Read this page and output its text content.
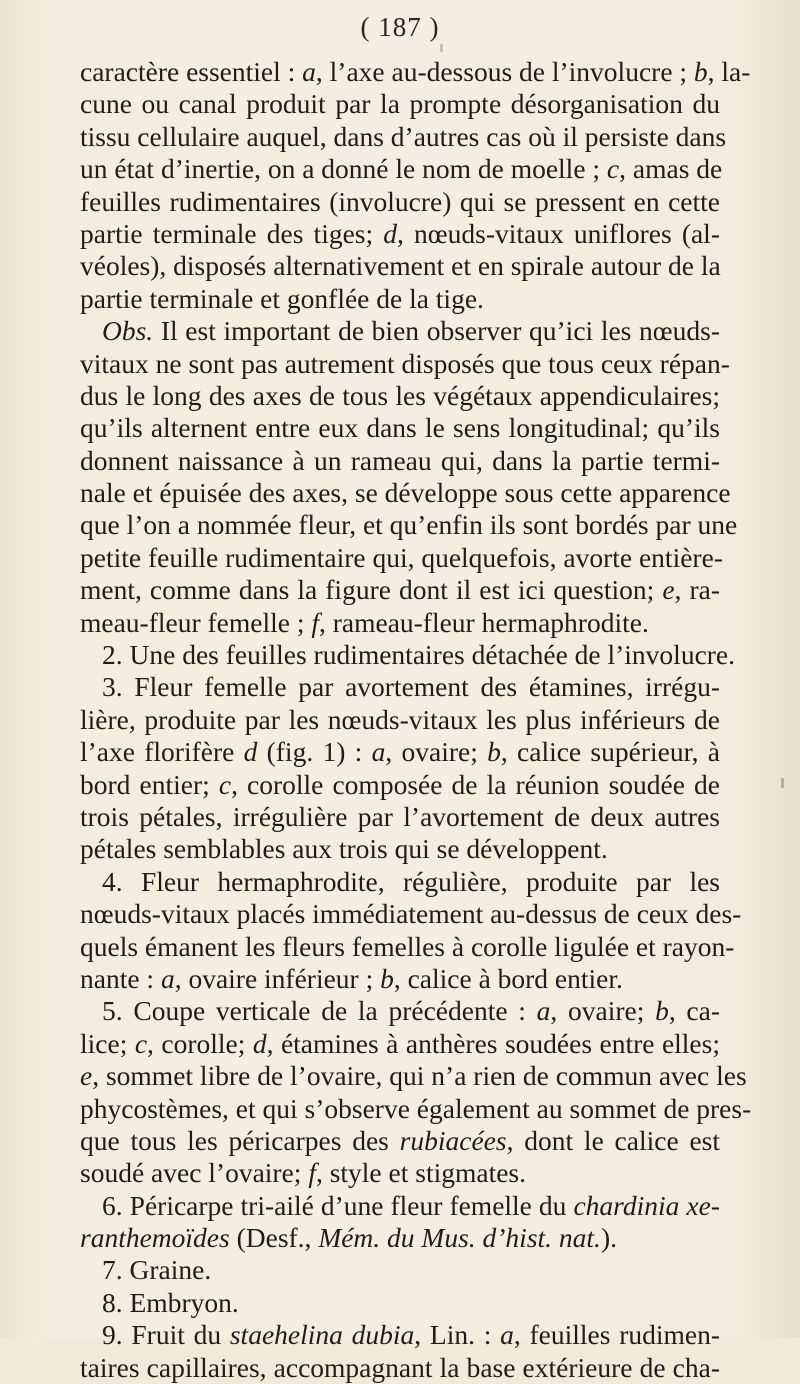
( 187 )
caractère essentiel : a, l’axe au-dessous de l’involucre ; b, la-
cune ou canal produit par la prompte désorganisation du
tissu cellulaire auquel, dans d’autres cas où il persiste dans
un état d’inertie, on a donné le nom de moelle ; c, amas de
feuilles rudimentaires (involucre) qui se pressent en cette
partie terminale des tiges; d, nœuds-vitaux uniflores (al-
véoles), disposés alternativement et en spirale autour de la
partie terminale et gonflée de la tige.
Obs. Il est important de bien observer qu’ici les nœuds-
vitaux ne sont pas autrement disposés que tous ceux répan-
dus le long des axes de tous les végétaux appendiculaires;
qu’ils alternent entre eux dans le sens longitudinal; qu’ils
donnent naissance à un rameau qui, dans la partie termi-
nale et épuisée des axes, se développe sous cette apparence
que l’on a nommée fleur, et qu’enfin ils sont bordés par une
petite feuille rudimentaire qui, quelquefois, avorte entière-
ment, comme dans la figure dont il est ici question; e, ra-
meau-fleur femelle ; f, rameau-fleur hermaphrodite.
2. Une des feuilles rudimentaires détachée de l’involucre.
3. Fleur femelle par avortement des étamines, irrégu-
lière, produite par les nœuds-vitaux les plus inférieurs de
l’axe florifère d (fig. 1) : a, ovaire; b, calice supérieur, à
bord entier; c, corolle composée de la réunion soudée de
trois pétales, irrégulière par l’avortement de deux autres
pétales semblables aux trois qui se développent.
4. Fleur hermaphrodite, régulière, produite par les
nœuds-vitaux placés immédiatement au-dessus de ceux des-
quels émanent les fleurs femelles à corolle ligulée et rayon-
nante : a, ovaire inférieur ; b, calice à bord entier.
5. Coupe verticale de la précédente : a, ovaire; b, ca-
lice; c, corolle; d, étamines à anthères soudées entre elles;
e, sommet libre de l’ovaire, qui n’a rien de commun avec les
phycostèmes, et qui s’observe également au sommet de pres-
que tous les péricarpes des rubiacées, dont le calice est
soudé avec l’ovaire; f, style et stigmates.
6. Péricarpe tri-ailé d’une fleur femelle du chardinia xe-
ranthemoïdes (Desf., Mém. du Mus. d’hist. nat.).
7. Graine.
8. Embryon.
9. Fruit du staehelina dubia, Lin. : a, feuilles rudimen-
taires capillaires, accompagnant la base extérieure de cha-
